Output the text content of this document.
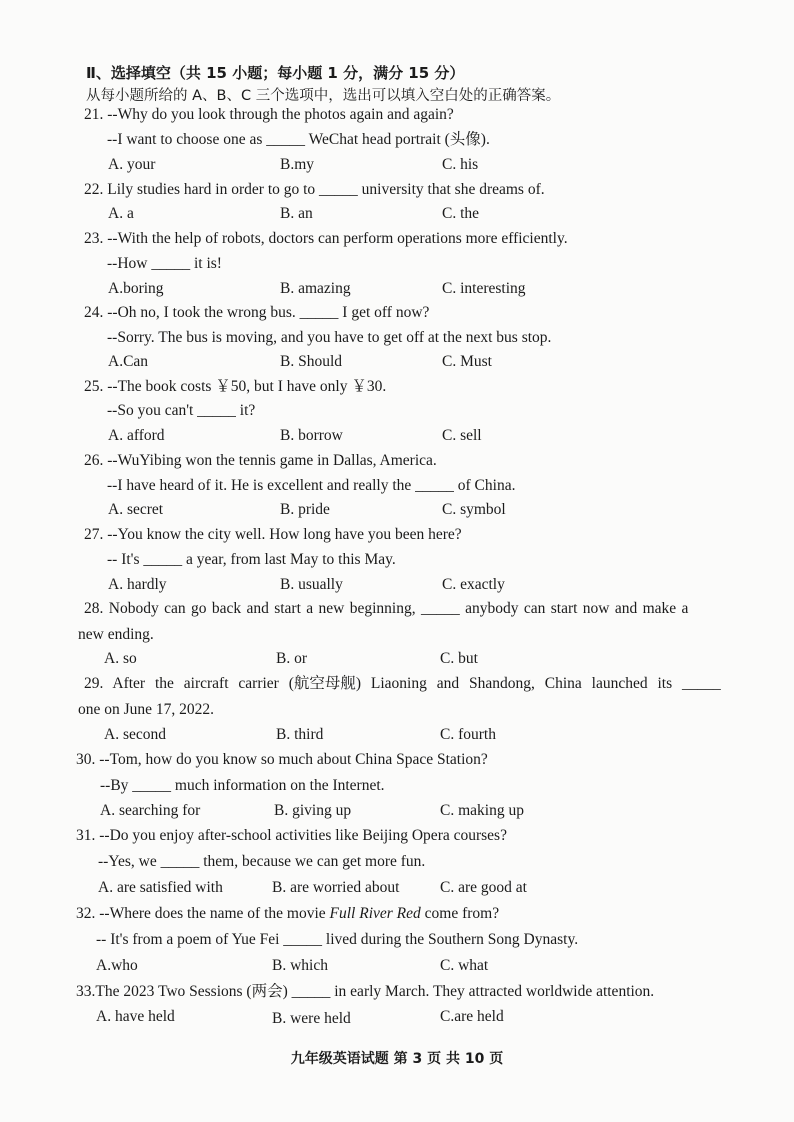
Ⅱ、选择填空（共 15 小题；每小题 1 分，满分 15 分）
从每小题所给的 A、B、C 三个选项中，选出可以填入空白处的正确答案。
21. --Why do you look through the photos again and again?
--I want to choose one as _____ WeChat head portrait (头像).
A. your	B.my	C. his
22. Lily studies hard in order to go to _____ university that she dreams of.
A. a	B. an	C. the
23. --With the help of robots, doctors can perform operations more efficiently.
--How _____ it is!
A.boring	B. amazing	C. interesting
24. --Oh no, I took the wrong bus. _____ I get off now?
--Sorry. The bus is moving, and you have to get off at the next bus stop.
A.Can	B. Should	C. Must
25. --The book costs ￥50, but I have only ￥30.
--So you can't _____ it?
A. afford	B. borrow	C. sell
26. --WuYibing won the tennis game in Dallas, America.
--I have heard of it. He is excellent and really the _____ of China.
A. secret	B. pride	C. symbol
27. --You know the city well. How long have you been here?
-- It's _____ a year, from last May to this May.
A. hardly	B. usually	C. exactly
28. Nobody can go back and start a new beginning, _____ anybody can start now and make a
new ending.
A. so	B. or	C. but
29. After the aircraft carrier (航空母舰) Liaoning and Shandong, China launched its _____
one on June 17, 2022.
A. second	B. third	C. fourth
30. --Tom, how do you know so much about China Space Station?
--By _____ much information on the Internet.
A. searching for	B. giving up	C. making up
31. --Do you enjoy after-school activities like Beijing Opera courses?
--Yes, we _____ them, because we can get more fun.
A. are satisfied with	B. are worried about	C. are good at
32. --Where does the name of the movie Full River Red come from?
-- It's from a poem of Yue Fei _____ lived during the Southern Song Dynasty.
A.who	B. which	C. what
33.The 2023 Two Sessions (两会) _____ in early March. They attracted worldwide attention.
A. have held	B. were held	C.are held
九年级英语试题 第 3 页 共 10 页
